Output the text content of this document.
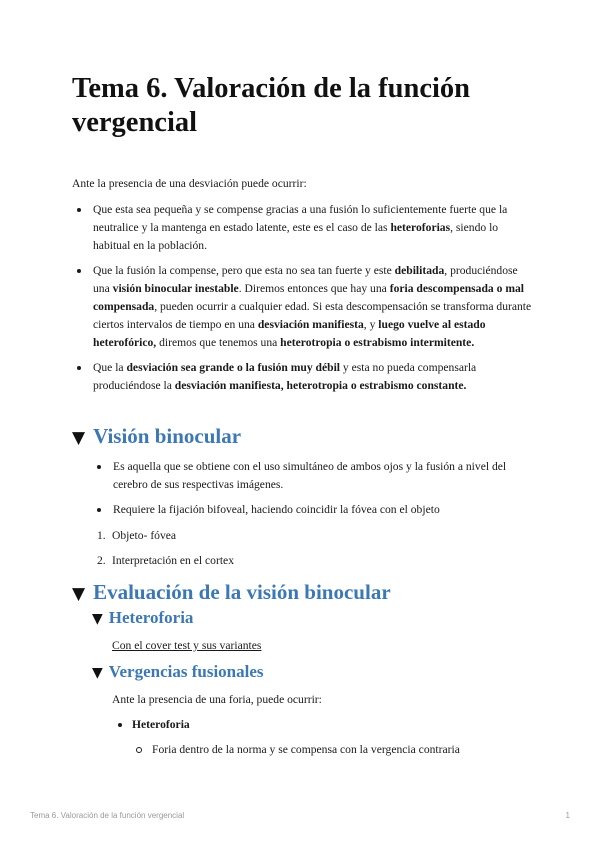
Tema 6. Valoración de la función vergencial

Ante la presencia de una desviación puede ocurrir:

Que esta sea pequeña y se compense gracias a una fusión lo suficientemente fuerte que la neutralice y la mantenga en estado latente, este es el caso de las heteroforias, siendo lo habitual en la población.
Que la fusión la compense, pero que esta no sea tan fuerte y este debilitada, produciéndose una visión binocular inestable. Diremos entonces que hay una foria descompensada o mal compensada, pueden ocurrir a cualquier edad. Si esta descompensación se transforma durante ciertos intervalos de tiempo en una desviación manifiesta, y luego vuelve al estado heterofórico, diremos que tenemos una heterotropia o estrabismo intermitente.
Que la desviación sea grande o la fusión muy débil y esta no pueda compensarla produciéndose la desviación manifiesta, heterotropia o estrabismo constante.
▼ Visión binocular
Es aquella que se obtiene con el uso simultáneo de ambos ojos y la fusión a nivel del cerebro de sus respectivas imágenes.
Requiere la fijación bifoveal, haciendo coincidir la fóvea con el objeto
1. Objeto- fóvea
2. Interpretación en el cortex
▼ Evaluación de la visión binocular
▼ Heteroforia

Con el cover test y sus variantes

▼ Vergencias fusionales

Ante la presencia de una foria, puede ocurrir:

Heteroforia
Foria dentro de la norma y se compensa con la vergencia contraria
Tema 6. Valoración de la función vergencial	1
